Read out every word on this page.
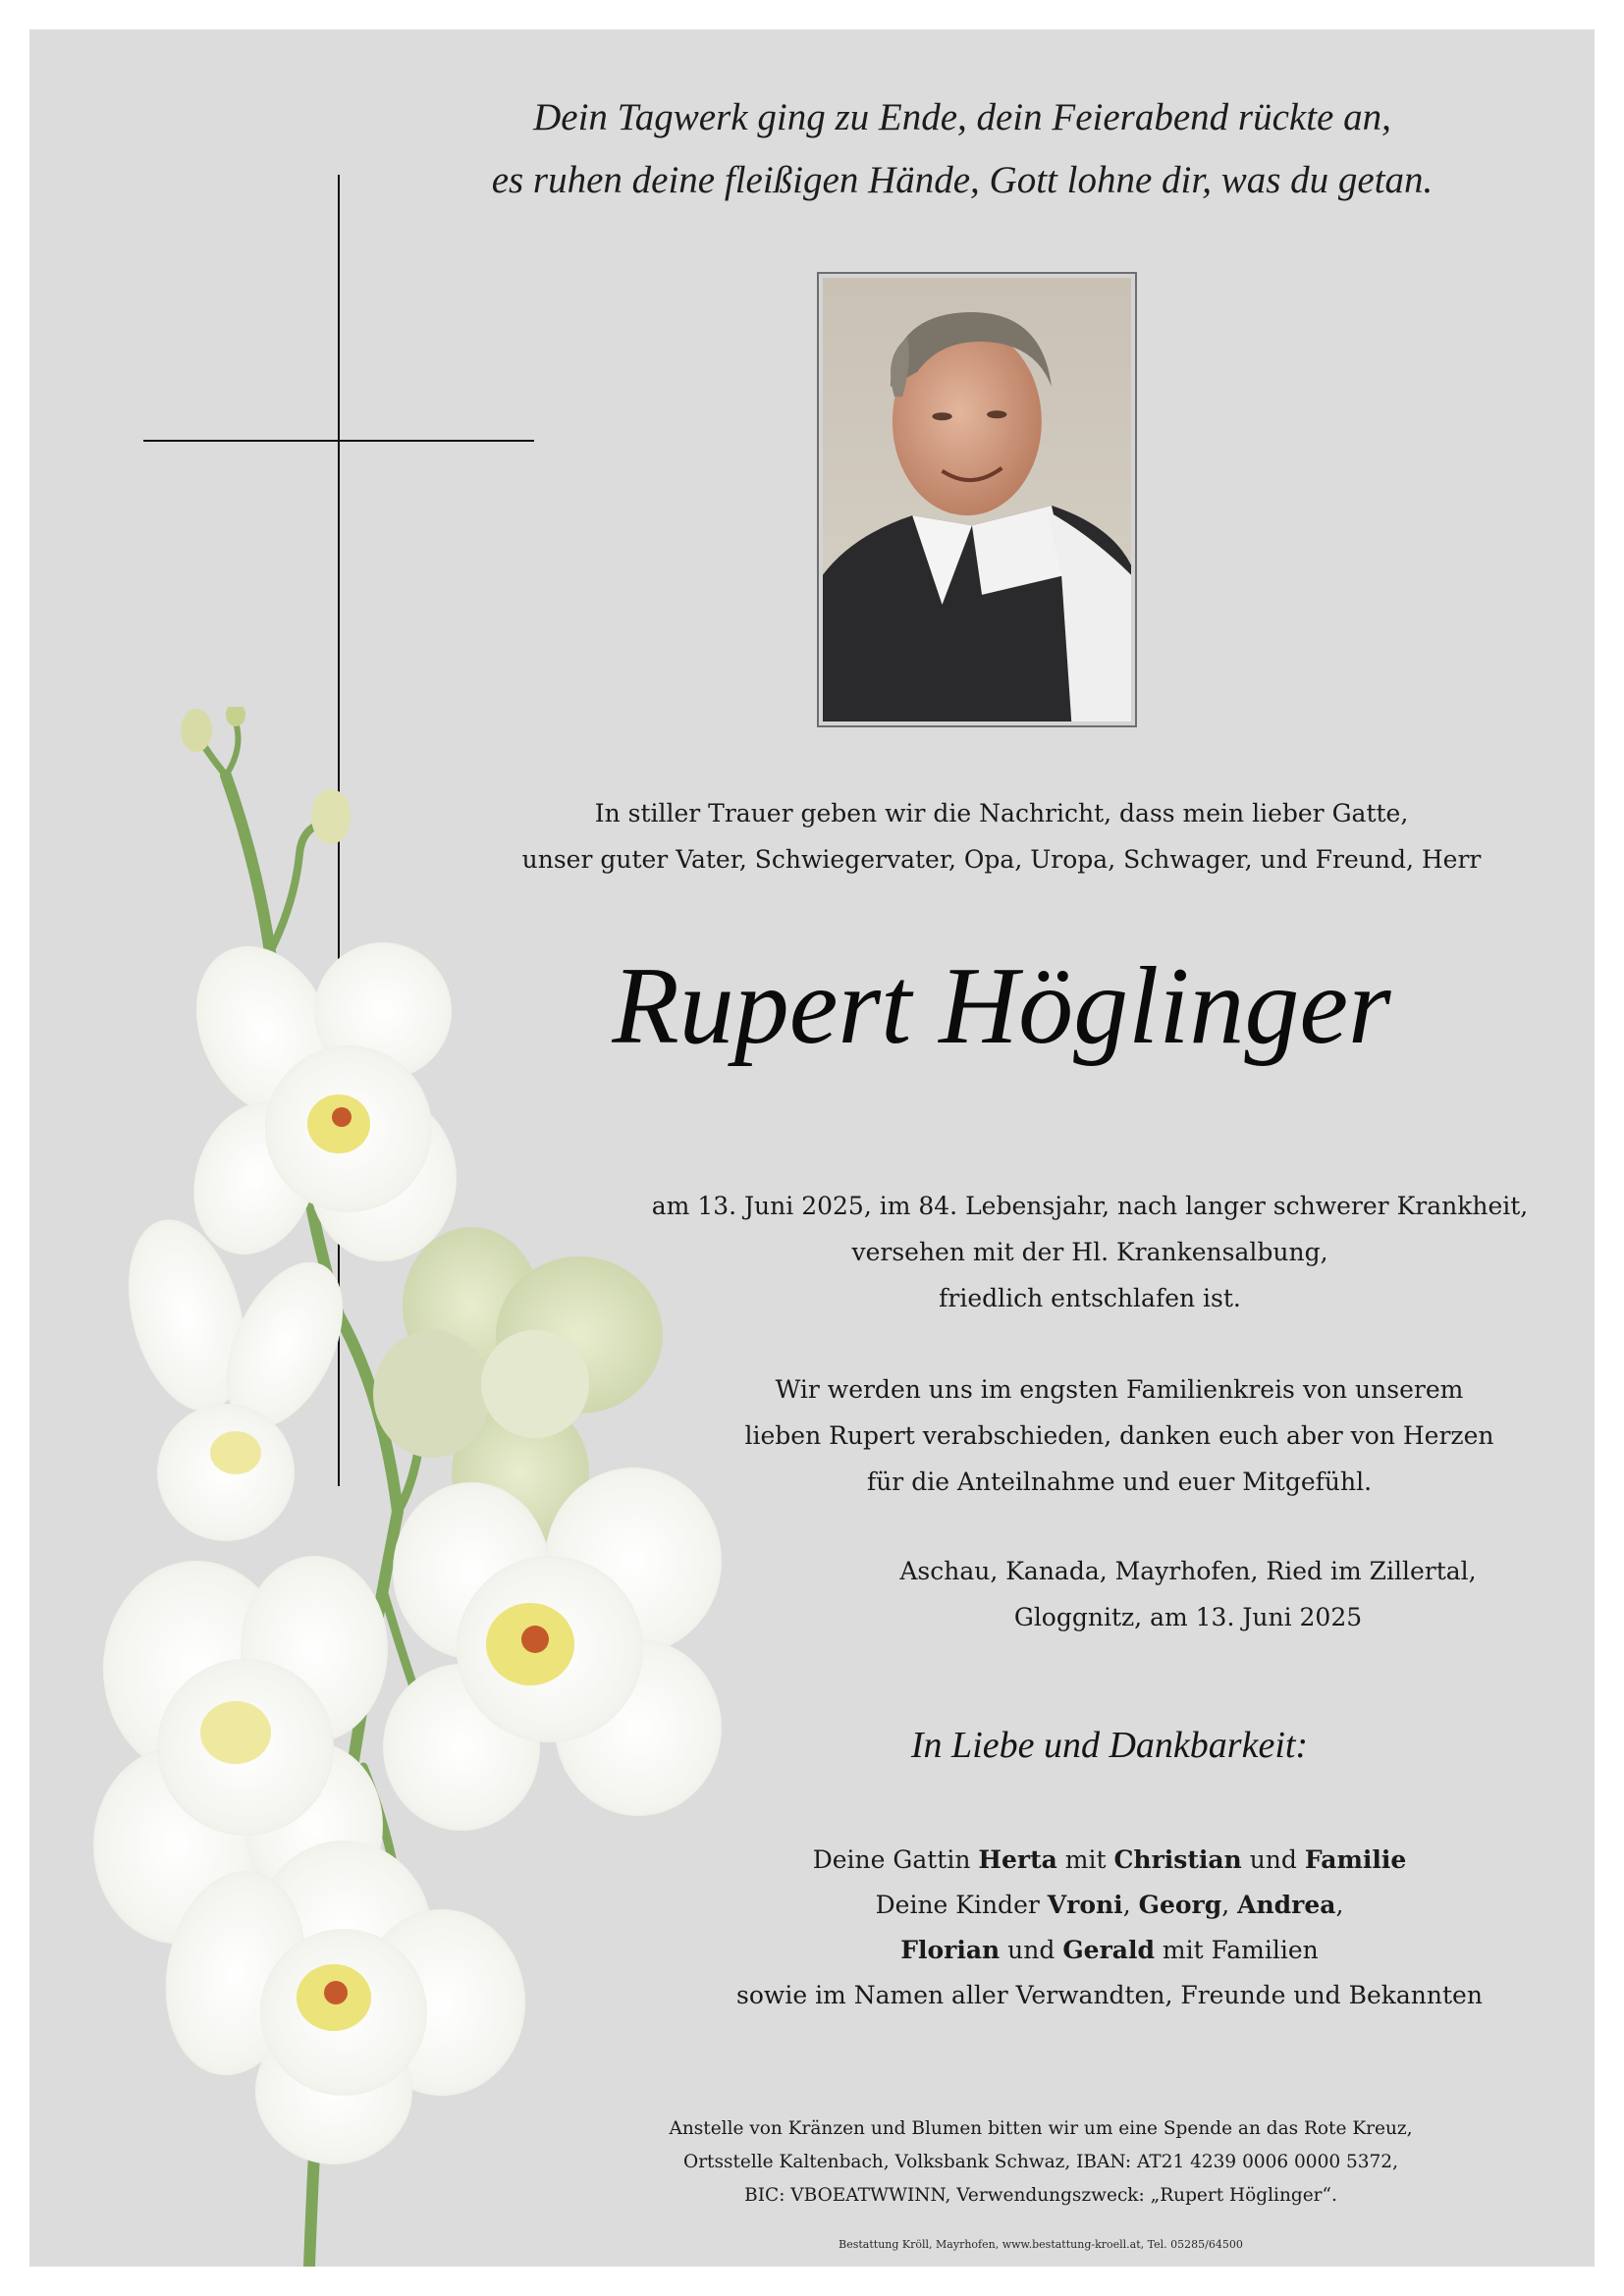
Dein Tagwerk ging zu Ende, dein Feierabend rückte an,
es ruhen deine fleißigen Hände, Gott lohne dir, was du getan.
In stiller Trauer geben wir die Nachricht, dass mein lieber Gatte,
unser guter Vater, Schwiegervater, Opa, Uropa, Schwager, und Freund, Herr
Rupert Höglinger
am 13. Juni 2025, im 84. Lebensjahr, nach langer schwerer Krankheit,
versehen mit der Hl. Krankensalbung,
friedlich entschlafen ist.
Wir werden uns im engsten Familienkreis von unserem
lieben Rupert verabschieden, danken euch aber von Herzen
für die Anteilnahme und euer Mitgefühl.
Aschau, Kanada, Mayrhofen, Ried im Zillertal,
Gloggnitz, am 13. Juni 2025
In Liebe und Dankbarkeit:
Deine Gattin Herta mit Christian und Familie
Deine Kinder Vroni, Georg, Andrea,
Florian und Gerald mit Familien
sowie im Namen aller Verwandten, Freunde und Bekannten
Anstelle von Kränzen und Blumen bitten wir um eine Spende an das Rote Kreuz,
Ortsstelle Kaltenbach, Volksbank Schwaz, IBAN: AT21 4239 0006 0000 5372,
BIC: VBOEATWWINN, Verwendungszweck: „Rupert Höglinger“.
Bestattung Kröll, Mayrhofen, www.bestattung-kroell.at, Tel. 05285/64500
